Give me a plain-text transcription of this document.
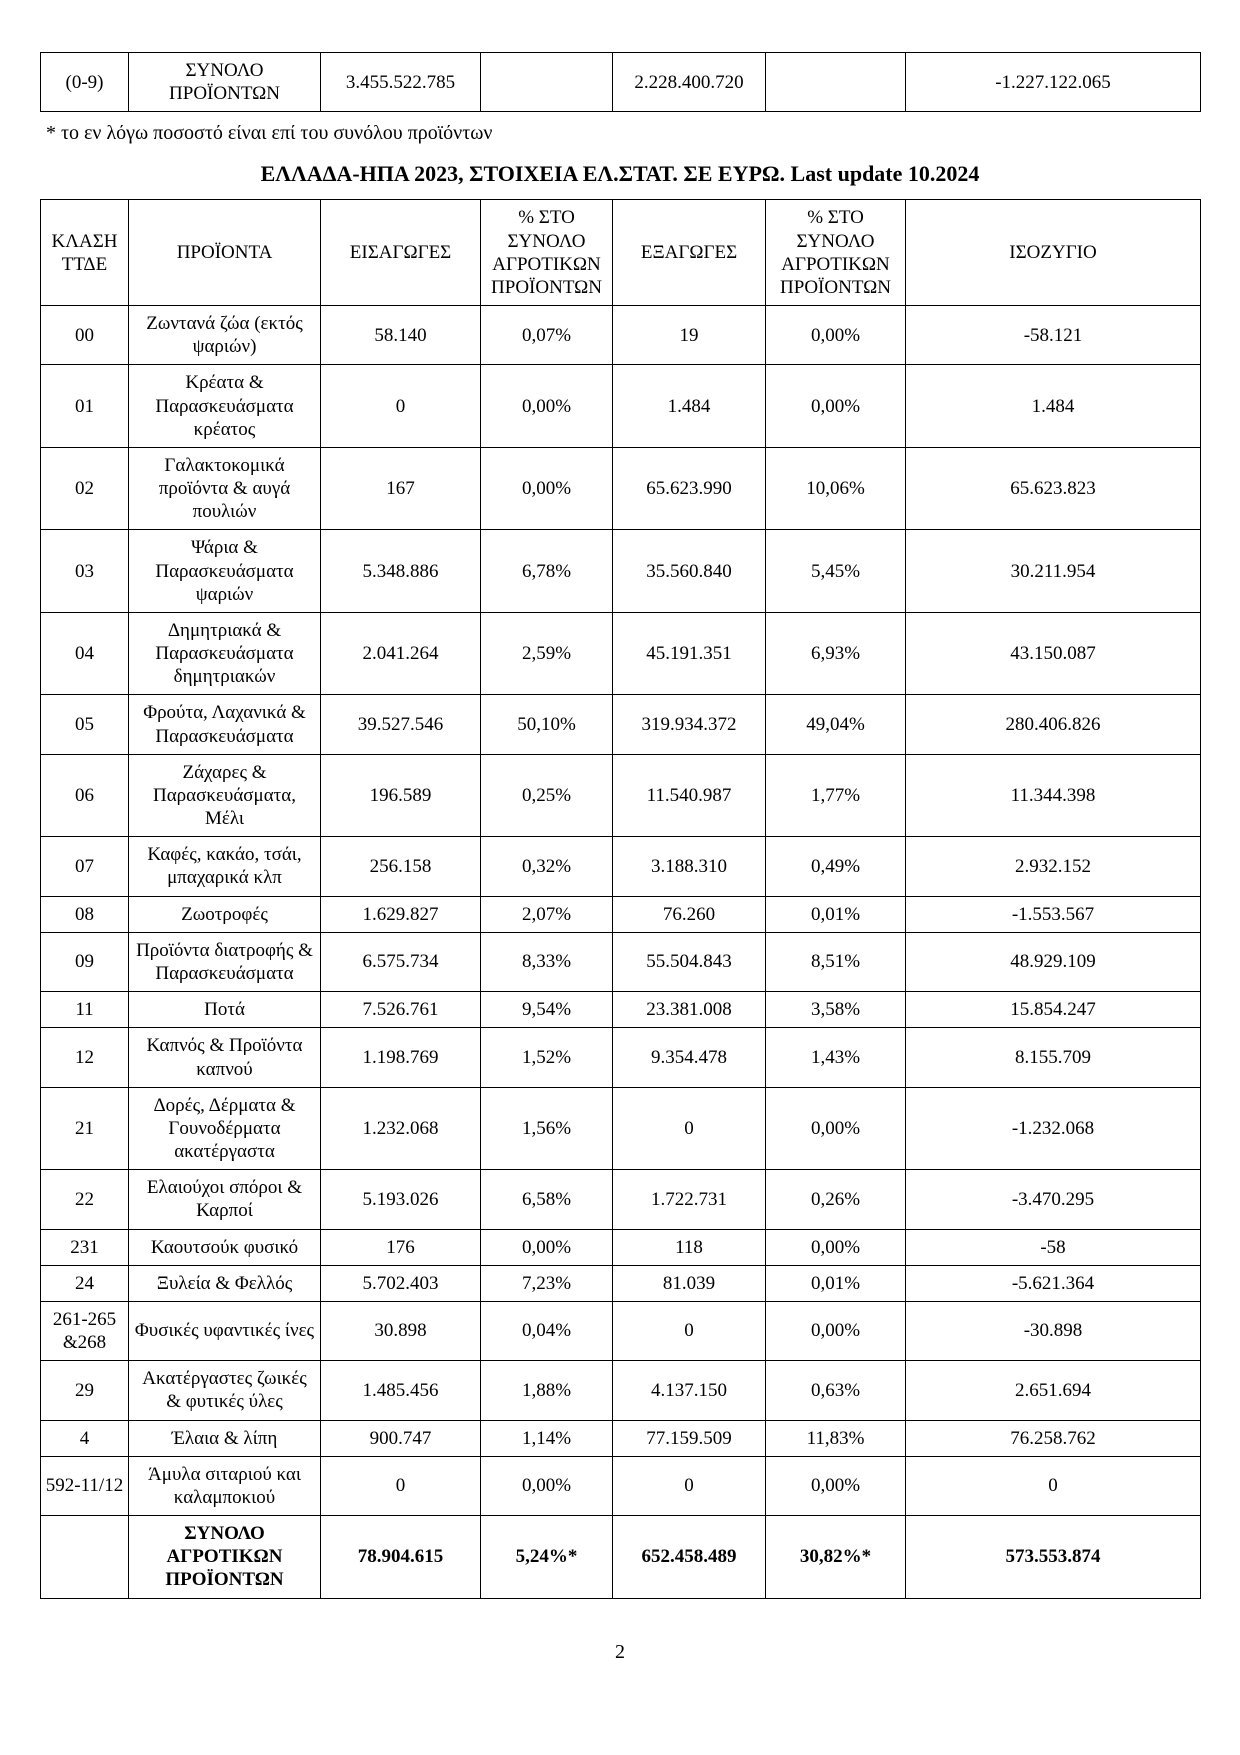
(0-9)	ΣΥΝΟΛΟ ΠΡΟΪΟΝΤΩΝ	3.455.522.785		2.228.400.720		-1.227.122.065

* το εν λόγω ποσοστό είναι επί του συνόλου προϊόντων

ΕΛΛΑΔΑ-ΗΠΑ 2023, ΣΤΟΙΧΕΙΑ ΕΛ.ΣΤΑΤ. ΣΕ ΕΥΡΩ. Last update 10.2024
ΚΛΑΣΗ ΤΤΔΕ	ΠΡΟΪΟΝΤΑ	ΕΙΣΑΓΩΓΕΣ	% ΣΤΟ ΣΥΝΟΛΟ ΑΓΡΟΤΙΚΩΝ ΠΡΟΪΟΝΤΩΝ	ΕΞΑΓΩΓΕΣ	% ΣΤΟ ΣΥΝΟΛΟ ΑΓΡΟΤΙΚΩΝ ΠΡΟΪΟΝΤΩΝ	ΙΣΟΖΥΓΙΟ
00	Ζωντανά ζώα (εκτός ψαριών)	58.140	0,07%	19	0,00%	-58.121
01	Κρέατα & Παρασκευάσματα κρέατος	0	0,00%	1.484	0,00%	1.484
02	Γαλακτοκομικά προϊόντα & αυγά πουλιών	167	0,00%	65.623.990	10,06%	65.623.823
03	Ψάρια & Παρασκευάσματα ψαριών	5.348.886	6,78%	35.560.840	5,45%	30.211.954
04	Δημητριακά & Παρασκευάσματα δημητριακών	2.041.264	2,59%	45.191.351	6,93%	43.150.087
05	Φρούτα, Λαχανικά & Παρασκευάσματα	39.527.546	50,10%	319.934.372	49,04%	280.406.826
06	Ζάχαρες & Παρασκευάσματα, Μέλι	196.589	0,25%	11.540.987	1,77%	11.344.398
07	Καφές, κακάο, τσάι, μπαχαρικά κλπ	256.158	0,32%	3.188.310	0,49%	2.932.152
08	Ζωοτροφές	1.629.827	2,07%	76.260	0,01%	-1.553.567
09	Προϊόντα διατροφής & Παρασκευάσματα	6.575.734	8,33%	55.504.843	8,51%	48.929.109
11	Ποτά	7.526.761	9,54%	23.381.008	3,58%	15.854.247
12	Καπνός & Προϊόντα καπνού	1.198.769	1,52%	9.354.478	1,43%	8.155.709
21	Δορές, Δέρματα & Γουνοδέρματα ακατέργαστα	1.232.068	1,56%	0	0,00%	-1.232.068
22	Ελαιούχοι σπόροι & Καρποί	5.193.026	6,58%	1.722.731	0,26%	-3.470.295
231	Καουτσούκ φυσικό	176	0,00%	118	0,00%	-58
24	Ξυλεία & Φελλός	5.702.403	7,23%	81.039	0,01%	-5.621.364
261-265 &268	Φυσικές υφαντικές ίνες	30.898	0,04%	0	0,00%	-30.898
29	Ακατέργαστες ζωικές & φυτικές ύλες	1.485.456	1,88%	4.137.150	0,63%	2.651.694
4	Έλαια & λίπη	900.747	1,14%	77.159.509	11,83%	76.258.762
592-11/12	Άμυλα σιταριού και καλαμποκιού	0	0,00%	0	0,00%	0
	ΣΥΝΟΛΟ ΑΓΡΟΤΙΚΩΝ ΠΡΟΪΟΝΤΩΝ	78.904.615	5,24%*	652.458.489	30,82%*	573.553.874
2
